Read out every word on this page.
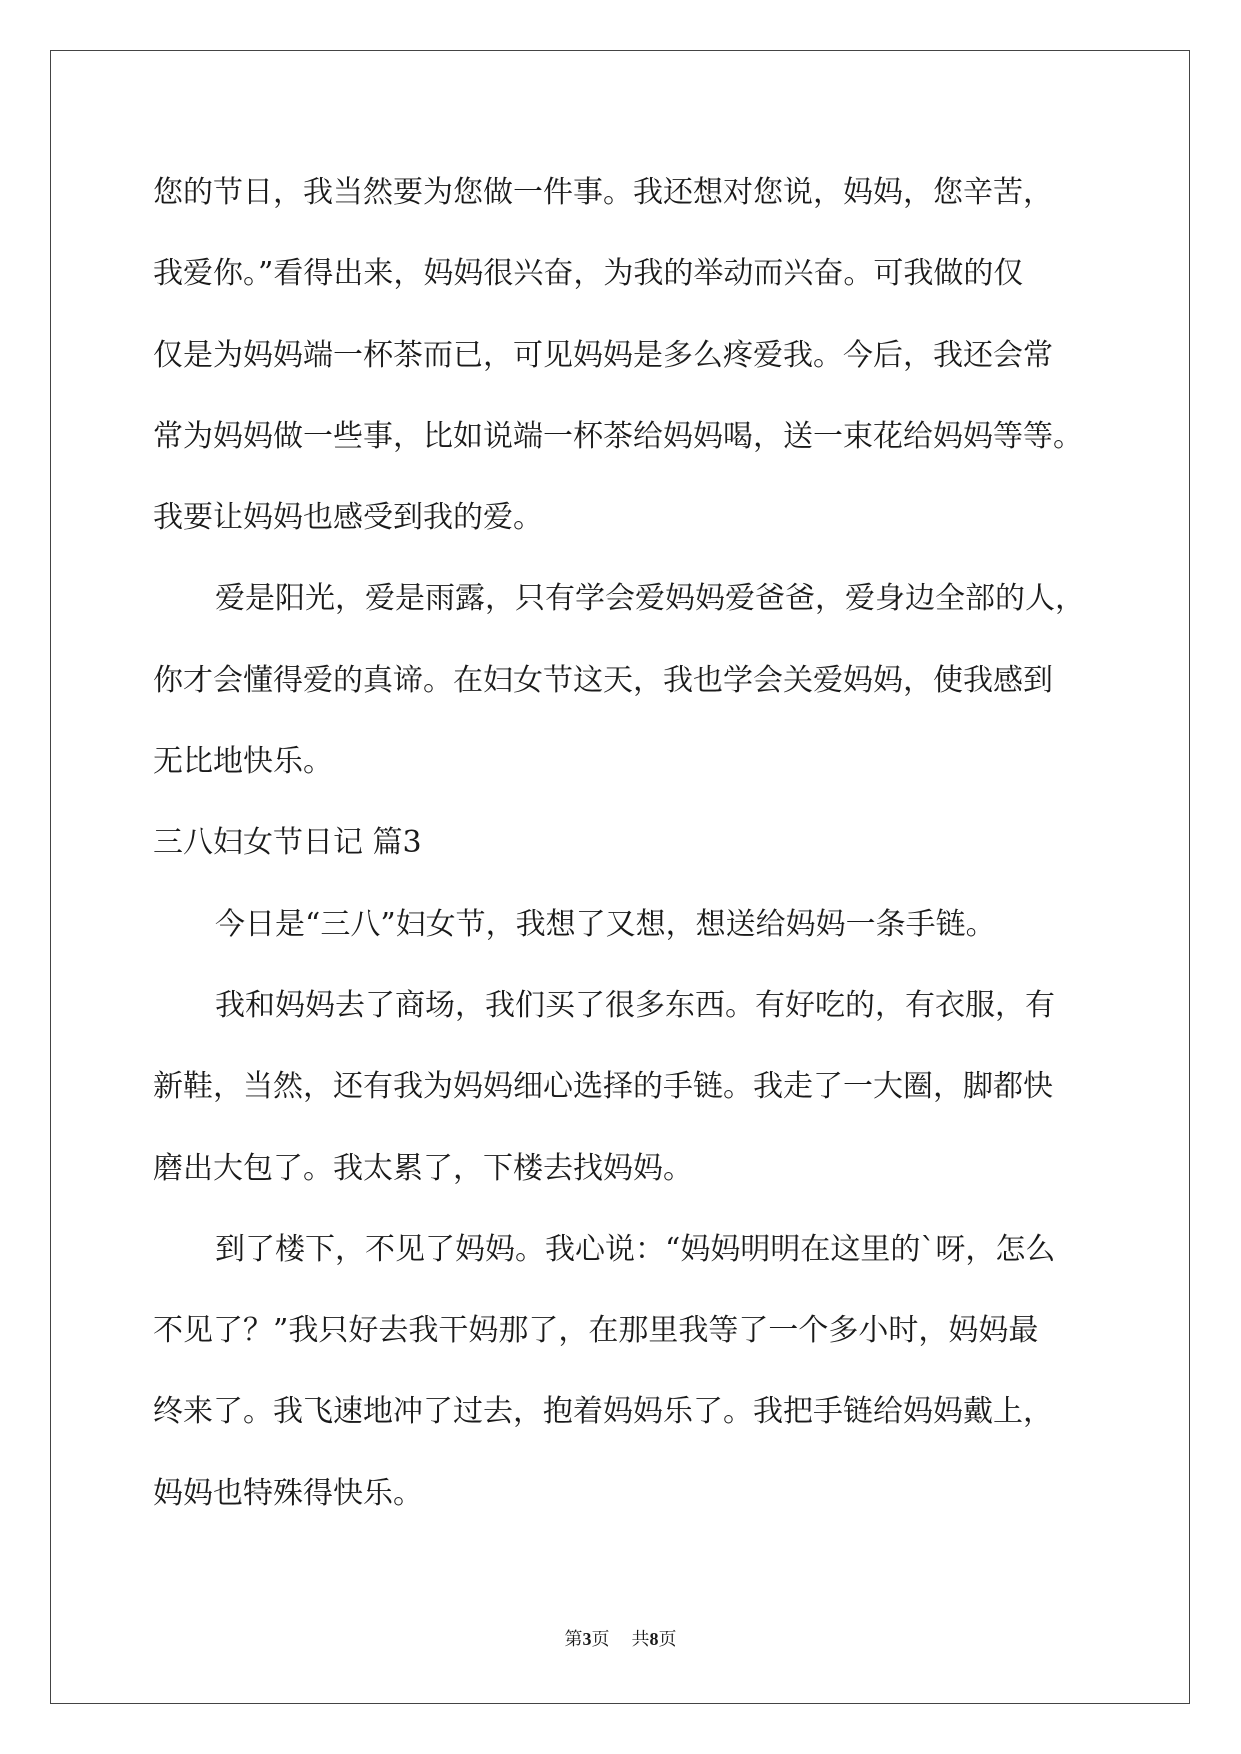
您的节日，我当然要为您做一件事。我还想对您说，妈妈，您辛苦，
我爱你。”看得出来，妈妈很兴奋，为我的举动而兴奋。可我做的仅
仅是为妈妈端一杯茶而已，可见妈妈是多么疼爱我。今后，我还会常
常为妈妈做一些事，比如说端一杯茶给妈妈喝，送一束花给妈妈等等。
我要让妈妈也感受到我的爱。
爱是阳光，爱是雨露，只有学会爱妈妈爱爸爸，爱身边全部的人，
你才会懂得爱的真谛。在妇女节这天，我也学会关爱妈妈，使我感到
无比地快乐。
三八妇女节日记 篇3
今日是“三八”妇女节，我想了又想，想送给妈妈一条手链。
我和妈妈去了商场，我们买了很多东西。有好吃的，有衣服，有
新鞋，当然，还有我为妈妈细心选择的手链。我走了一大圈，脚都快
磨出大包了。我太累了，下楼去找妈妈。
到了楼下，不见了妈妈。我心说：“妈妈明明在这里的`呀，怎么
不见了？”我只好去我干妈那了，在那里我等了一个多小时，妈妈最
终来了。我飞速地冲了过去，抱着妈妈乐了。我把手链给妈妈戴上，
妈妈也特殊得快乐。
第3页 共8页
